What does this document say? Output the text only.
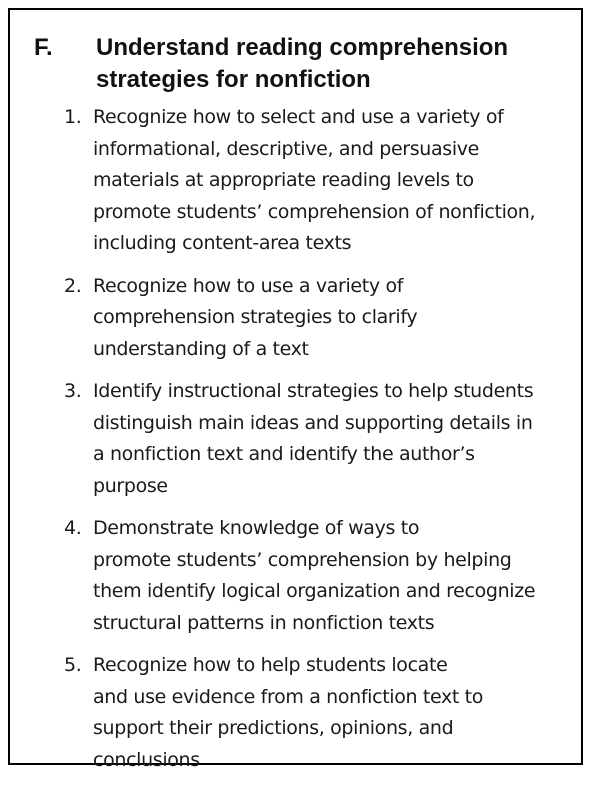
F. Understand reading comprehension
strategies for nonfiction
1. Recognize how to select and use a variety of
informational, descriptive, and persuasive
materials at appropriate reading levels to
promote students’ comprehension of nonfiction,
including content-area texts
2. Recognize how to use a variety of
comprehension strategies to clarify
understanding of a text
3. Identify instructional strategies to help students
distinguish main ideas and supporting details in
a nonfiction text and identify the author’s
purpose
4. Demonstrate knowledge of ways to
promote students’ comprehension by helping
them identify logical organization and recognize
structural patterns in nonfiction texts
5. Recognize how to help students locate
and use evidence from a nonfiction text to
support their predictions, opinions, and
conclusions
